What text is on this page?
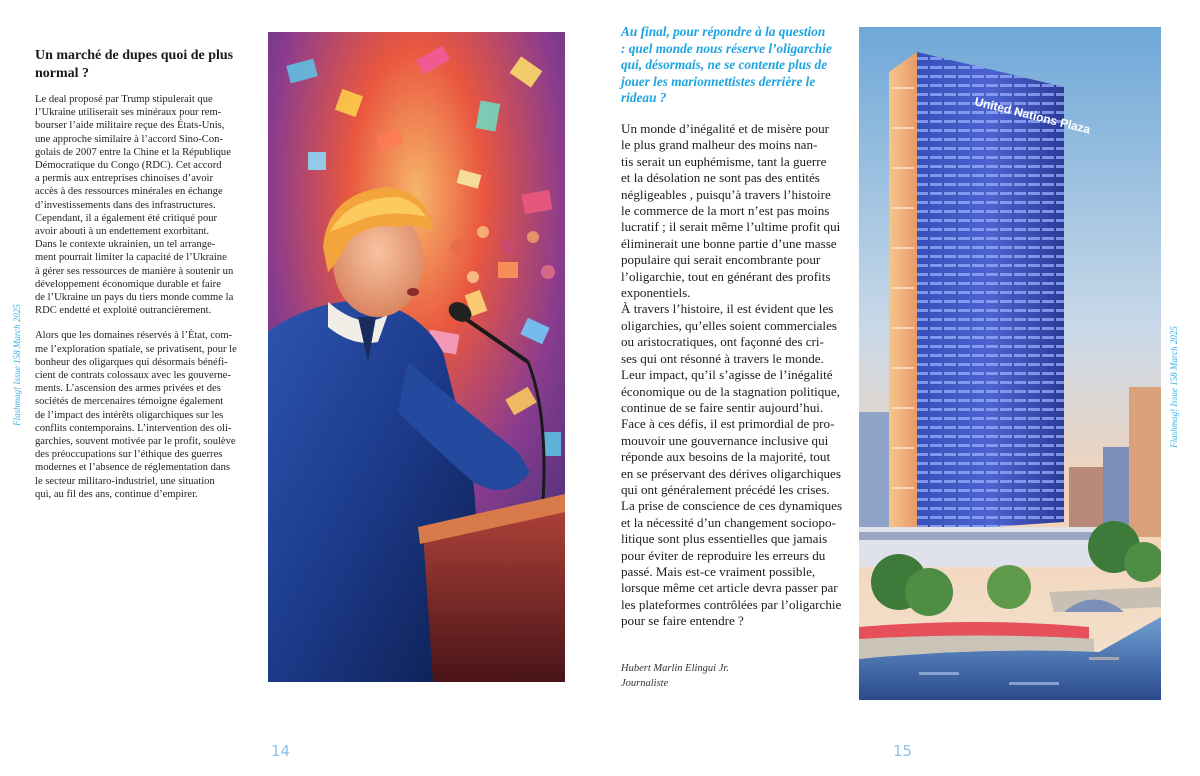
Un marché de dupes quoi de plus normal ?

Le deal proposé par Trump stipulerait que
l’Ukraine utiliserait ses minéraux pour rem-
bourser l’aide militaire reçue des États-Unis,
une approche similaire à l’accord Sino-Con-
golais de 2007 entre la Chine et la République
Démocratique du Congo (RDC). Cet accord
a permis aux entreprises chinoises d’avoir
accès à des ressources minérales en échange
d’investissements dans des infrastructures.
Cependant, il a également été critiqué pour
avoir abouti à un endettement exorbitant.
Dans le contexte ukrainien, un tel arrange-
ment pourrait limiter la capacité de l’Ukraine
à gérer ses ressources de manière à soutenir un
développement économique durable et faire
de l’Ukraine un pays du tiers monde comme la
RDC endetté et exploité outrancièrement.

Alors que les domaines réservés à l’État, com-
me l’exploration spatiale, se privatisent, pour le
bonheur des oligarques qui désormais bénéfi-
cient de contrats colossaux avec les gouverne-
ments. L’ascension des armes privées et des
sociétés de mercenaires témoigne également
de l’impact des intérêts oligarchiques sur les
conflits contemporains. L’intervention des oli-
garchies, souvent motivée par le profit, soulève
des préoccupations sur l’éthique des guerres
modernes et l’absence de réglementation dans
le secteur militaro-industriel, une situation
qui, au fil des ans, continue d’empirer.

Flashmag! Issue 158 March 2025
14
Au final, pour répondre à la question
: quel monde nous réserve l’oligarchie
qui, désormais, ne se contente plus de
jouer les marionnettistes derrière le
rideau ?
Un monde d’inégalité et de misère pour
le plus grand malheur des moins nan-
tis serait un euphémisme, tant la guerre
et la désolation ne sont pas des entités
négligeables , puisqu’à travers l’histoire
le commerce de la mort n’est pas moins
lucratif ; il serait même l’ultime profit qui
éliminerait une bonne partie d’une masse
populaire qui serait encombrante pour
l’oligarchie, tout en générant des profits
exponentiels.
À travers l’histoire, il est évident que les
oligarchies, qu’elles soient commerciales
ou aristocratiques, ont façonné des cri-
ses qui ont résonné à travers le monde.
Leur impact, qu’il s’agisse de l’inégalité
économique ou de la stagnation politique,
continue de se faire sentir aujourd’hui.
Face à ces défis, il est primordial de pro-
mouvoir une gouvernance inclusive qui
réponde aux besoins de la majorité, tout
en se préservant des dérives oligarchiques
qui ont généralement précédé les crises.
La prise de conscience de ces dynamiques
et la nécessité d’un changement sociopo-
litique sont plus essentielles que jamais
pour éviter de reproduire les erreurs du
passé. Mais est-ce vraiment possible,
lorsque même cet article devra passer par
les plateformes contrôlées par l’oligarchie
pour se faire entendre ?
Hubert Marlin Elingui Jr.
Journaliste
United Nations Plaza
Flashmag! Issue 158 March 2025
15
